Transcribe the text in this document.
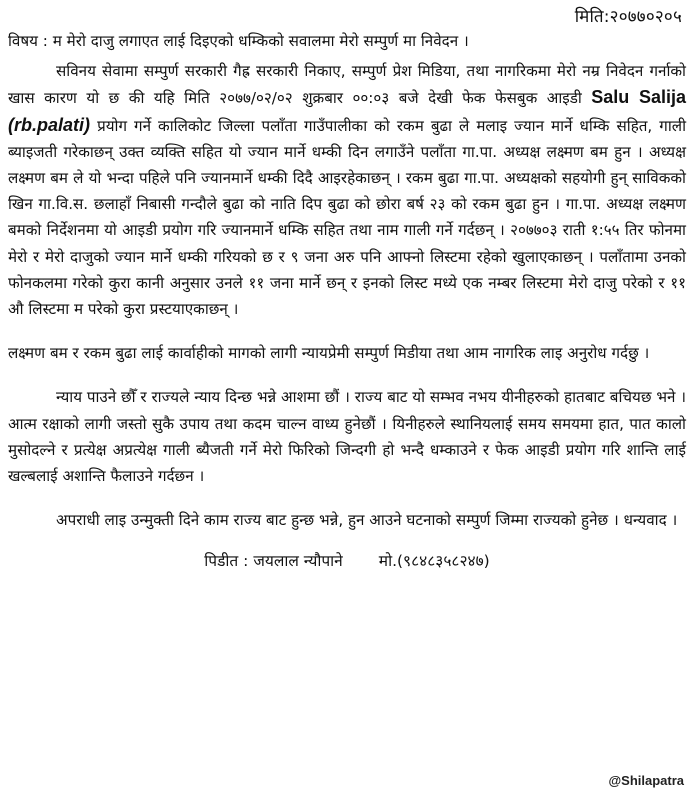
मिति:२०७७०२०५

विषय : म मेरो दाजु लगाएत लाई दिइएको धम्किको सवालमा मेरो सम्पुर्ण मा निवेदन ।

सविनय सेवामा सम्पुर्ण सरकारी गैह्र सरकारी निकाए, सम्पुर्ण प्रेश मिडिया, तथा नागरिकमा मेरो नम्र निवेदन गर्नाको खास कारण यो छ की यहि मिति २०७७/०२/०२ शुक्रबार ००:०३ बजे देखी फेक फेसबुक आइडी Salu Salija (rb.palati) प्रयोग गर्ने कालिकोट जिल्ला पलाँता गाउँपालीका को रकम बुढा ले मलाइ ज्यान मार्ने धम्कि सहित, गाली ब्याइजती गरेकाछन् उक्त व्यक्ति सहित यो ज्यान मार्ने धम्की दिन लगाउँने पलाँता गा.पा. अध्यक्ष लक्ष्मण बम हुन । अध्यक्ष लक्ष्मण बम ले यो भन्दा पहिले पनि ज्यानमार्ने धम्की दिदै आइरहेकाछन् । रकम बुढा गा.पा. अध्यक्षको सहयोगी हुन् साविकको खिन गा.वि.स. छलाहाँ निबासी गन्दौले बुढा को नाति दिप बुढा को छोरा बर्ष २३ को रकम बुढा हुन । गा.पा. अध्यक्ष लक्ष्मण बमको निर्देशनमा यो आइडी प्रयोग गरि ज्यानमार्ने धम्कि सहित तथा नाम गाली गर्ने गर्दछन् । २०७७०३ राती १:५५ तिर फोनमा मेरो र मेरो दाजुको ज्यान मार्ने धम्की गरियको छ र ९ जना अरु पनि आफ्नो लिस्टमा रहेको खुलाएकाछन् । पलाँतामा उनको फोनकलमा गरेको कुरा कानी अनुसार उनले ११ जना मार्ने छन् र इनको लिस्ट मध्ये एक नम्बर लिस्टमा मेरो दाजु परेको र ११ औ लिस्टमा म परेको कुरा प्रस्टयाएकाछन् ।

लक्ष्मण बम र रकम बुढा लाई कार्वाहीको मागको लागी न्यायप्रेमी सम्पुर्ण मिडीया तथा आम नागरिक लाइ अनुरोध गर्दछु ।

न्याय पाउने छौँ र राज्यले न्याय दिन्छ भन्ने आशमा छौं । राज्य बाट यो सम्भव नभय यीनीहरुको हातबाट बचियछ भने । आत्म रक्षाको लागी जस्तो सुकै उपाय तथा कदम चाल्न वाध्य हुनेछौं । यिनीहरुले स्थानियलाई समय समयमा हात, पात कालो मुसोदल्ने र प्रत्येक्ष अप्रत्येक्ष गाली ब्यैजती गर्ने मेरो फिरिको जिन्दगी हो भन्दै धम्काउने र फेक आइडी प्रयोग गरि शान्ति लाई खल्बलाई अशान्ति फैलाउने गर्दछन ।

अपराधी लाइ उन्मुक्ती दिने काम राज्य बाट हुन्छ भन्ने, हुन आउने घटनाको सम्पुर्ण जिम्मा राज्यको हुनेछ । धन्यवाद ।

पिडीत : जयलाल न्यौपाने मो.(९८४८३५८२४७)
@Shilapatra
